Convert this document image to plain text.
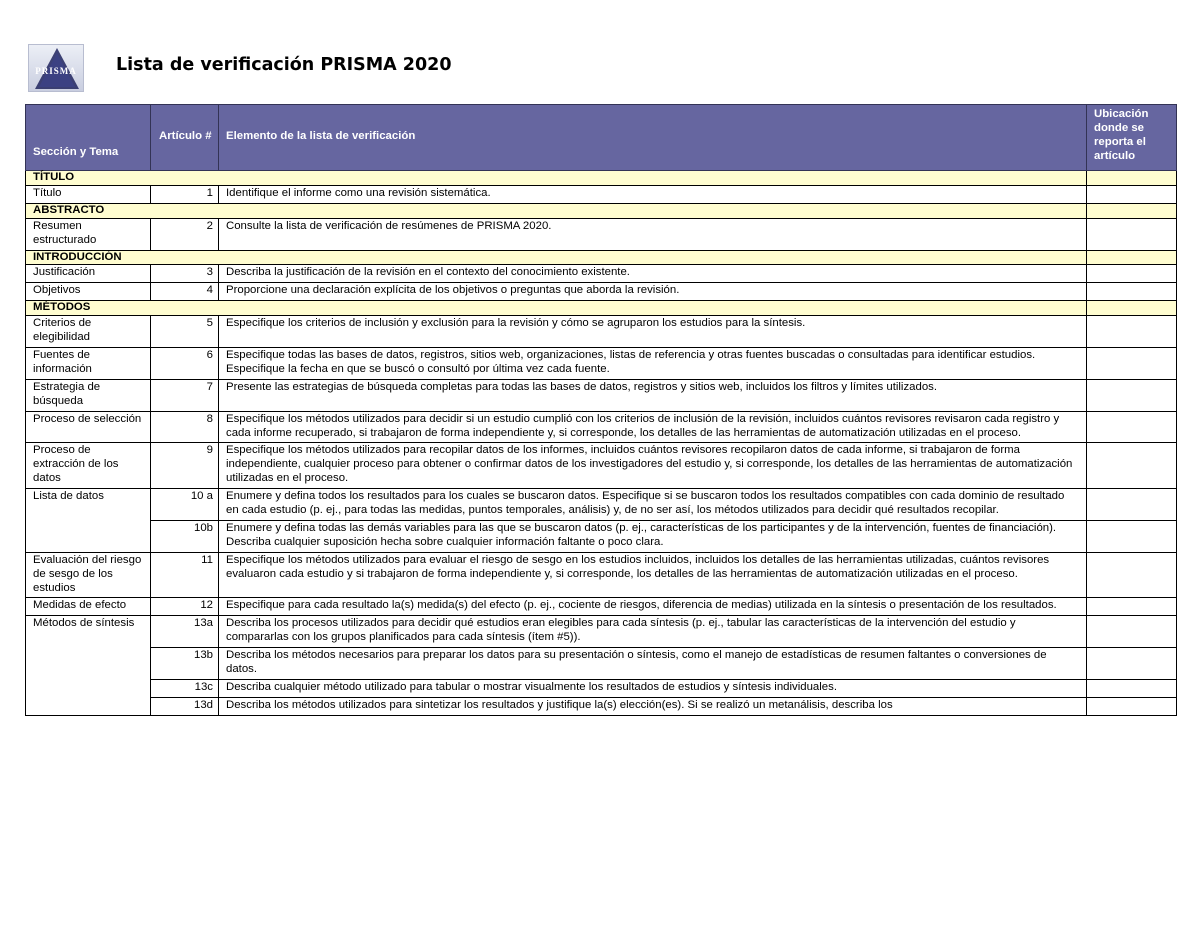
PRISMA	Lista de verificación PRISMA 2020
Sección y Tema	Artículo #	Elemento de la lista de verificación	Ubicación donde se reporta el artículo
TÍTULO			
Título	1	Identifique el informe como una revisión sistemática.	
ABSTRACTO			
Resumen estructurado	2	Consulte la lista de verificación de resúmenes de PRISMA 2020.	
INTRODUCCIÓN			
Justificación	3	Describa la justificación de la revisión en el contexto del conocimiento existente.	
Objetivos	4	Proporcione una declaración explícita de los objetivos o preguntas que aborda la revisión.	
MÉTODOS			
Criterios de elegibilidad	5	Especifique los criterios de inclusión y exclusión para la revisión y cómo se agruparon los estudios para la síntesis.	
Fuentes de información	6	Especifique todas las bases de datos, registros, sitios web, organizaciones, listas de referencia y otras fuentes buscadas o consultadas para identificar estudios. Especifique la fecha en que se buscó o consultó por última vez cada fuente.	
Estrategia de búsqueda	7	Presente las estrategias de búsqueda completas para todas las bases de datos, registros y sitios web, incluidos los filtros y límites utilizados.	
Proceso de selección	8	Especifique los métodos utilizados para decidir si un estudio cumplió con los criterios de inclusión de la revisión, incluidos cuántos revisores revisaron cada registro y cada informe recuperado, si trabajaron de forma independiente y, si corresponde, los detalles de las herramientas de automatización utilizadas en el proceso.	
Proceso de extracción de los datos	9	Especifique los métodos utilizados para recopilar datos de los informes, incluidos cuántos revisores recopilaron datos de cada informe, si trabajaron de forma independiente, cualquier proceso para obtener o confirmar datos de los investigadores del estudio y, si corresponde, los detalles de las herramientas de automatización utilizadas en el proceso.	
Lista de datos	10 a	Enumere y defina todos los resultados para los cuales se buscaron datos. Especifique si se buscaron todos los resultados compatibles con cada dominio de resultado en cada estudio (p. ej., para todas las medidas, puntos temporales, análisis) y, de no ser así, los métodos utilizados para decidir qué resultados recopilar.	
	10b	Enumere y defina todas las demás variables para las que se buscaron datos (p. ej., características de los participantes y de la intervención, fuentes de financiación). Describa cualquier suposición hecha sobre cualquier información faltante o poco clara.	
Evaluación del riesgo de sesgo de los estudios	11	Especifique los métodos utilizados para evaluar el riesgo de sesgo en los estudios incluidos, incluidos los detalles de las herramientas utilizadas, cuántos revisores evaluaron cada estudio y si trabajaron de forma independiente y, si corresponde, los detalles de las herramientas de automatización utilizadas en el proceso.	
Medidas de efecto	12	Especifique para cada resultado la(s) medida(s) del efecto (p. ej., cociente de riesgos, diferencia de medias) utilizada en la síntesis o presentación de los resultados.	
Métodos de síntesis	13a	Describa los procesos utilizados para decidir qué estudios eran elegibles para cada síntesis (p. ej., tabular las características de la intervención del estudio y compararlas con los grupos planificados para cada síntesis (ítem #5)).	
	13b	Describa los métodos necesarios para preparar los datos para su presentación o síntesis, como el manejo de estadísticas de resumen faltantes o conversiones de datos.	
	13c	Describa cualquier método utilizado para tabular o mostrar visualmente los resultados de estudios y síntesis individuales.	
	13d	Describa los métodos utilizados para sintetizar los resultados y justifique la(s) elección(es). Si se realizó un metanálisis, describa los	
